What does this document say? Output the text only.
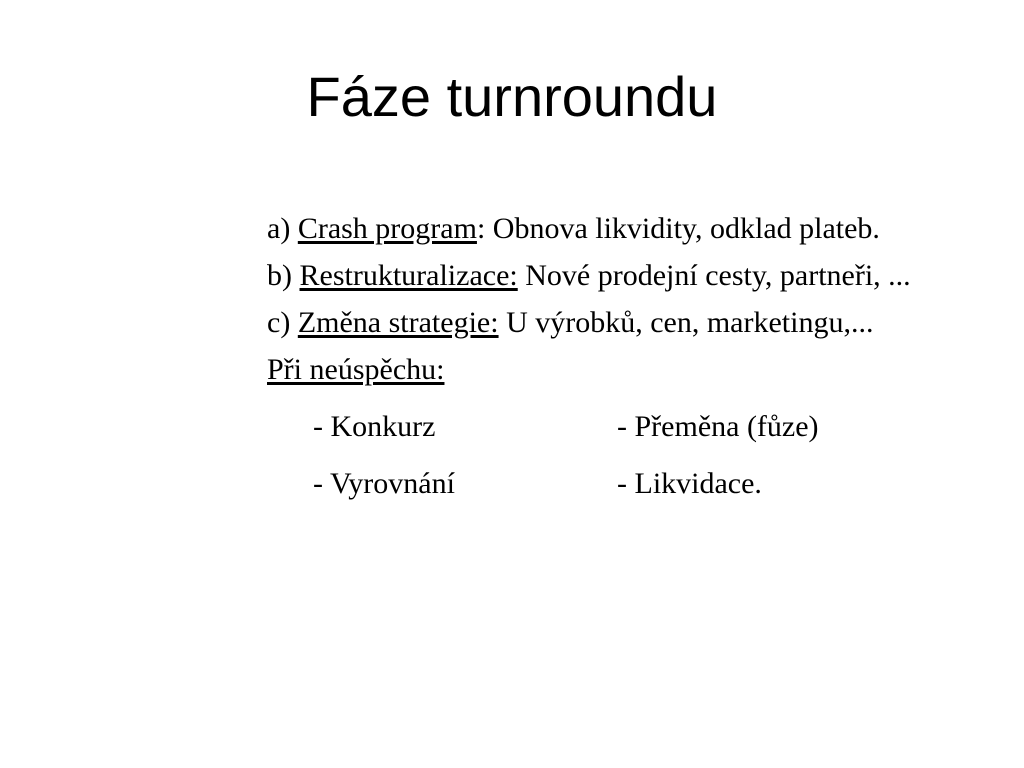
Fáze turnroundu

a) Crash program: Obnova likvidity, odklad plateb.

b) Restrukturalizace: Nové prodejní cesty, partneři, ...

c) Změna strategie: U výrobků, cen, marketingu,...

Při neúspěchu:

- Konkurz	- Přeměna (fůze)
- Vyrovnání	- Likvidace.
